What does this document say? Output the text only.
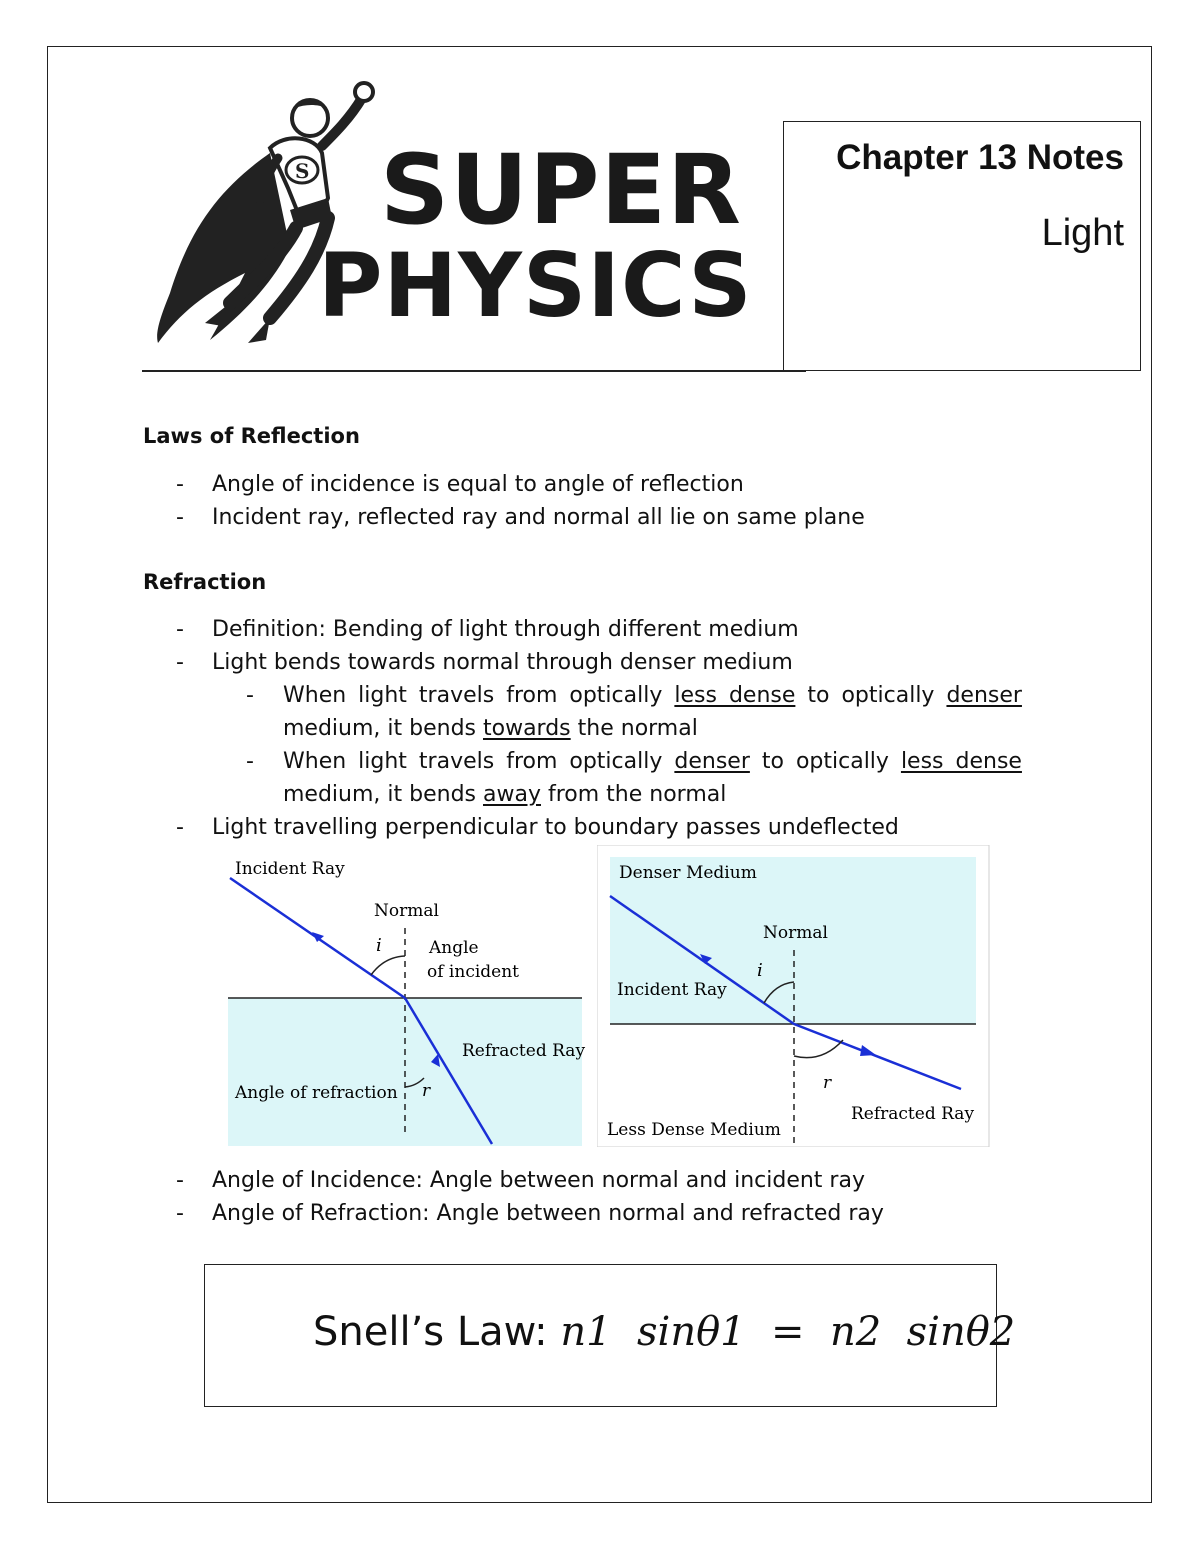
S SUPER
PHYSICS
Chapter 13 Notes
Light
Laws of Reflection
- Angle of incidence is equal to angle of reflection
- Incident ray, reflected ray and normal all lie on same plane
Refraction
- Definition: Bending of light through different medium
- Light bends towards normal through denser medium
- When light travels from optically less dense to optically denser
medium, it bends towards the normal
- When light travels from optically denser to optically less dense
medium, it bends away from the normal
- Light travelling perpendicular to boundary passes undeflected
Incident Ray
Normal
i	Angle
of incident
Refracted Ray
Angle of refraction r
Denser Medium
Normal
Incident Ray
i
r
Refracted Ray
Less Dense Medium
- Angle of Incidence: Angle between normal and incident ray
- Angle of Refraction: Angle between normal and refracted ray
Snell’s Law: n1  sinθ1  =  n2  sinθ2
